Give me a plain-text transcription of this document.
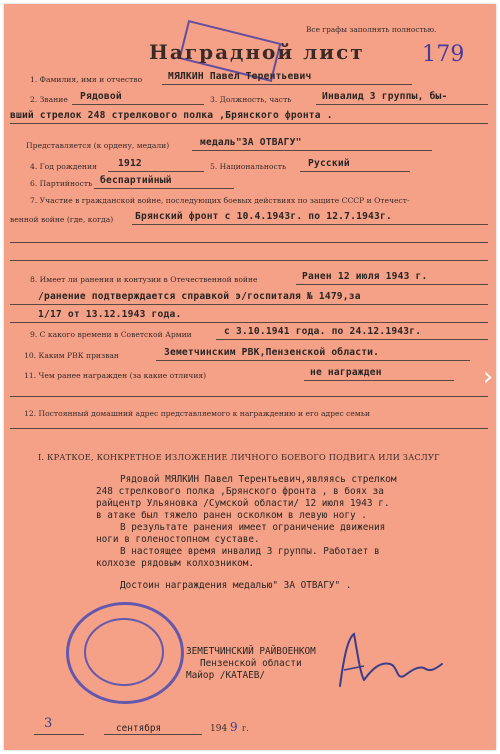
Все графы заполнять полностью.
Наградной лист	179
1. Фамилия, имя и отчество	МЯЛКИН Павел Терентьевич
2. Звание Рядовой	3. Должность, часть	Инвалид 3 группы, бы-
вший стрелок 248 стрелкового полка ,Брянского фронта .
Представляется (к ордену, медали)	медаль"ЗА ОТВАГУ"
4. Год рождения 1912	5. Национальность Русский
6. Партийность беспартийный
7. Участие в гражданской войне, последующих боевых действиях по защите СССР и Отечест-
венной войне (где, когда) Брянский фронт с 10.4.1943г. по 12.7.1943г.
8. Имеет ли ранения и контузии в Отечественной войне	Ранен 12 июля 1943 г.
/ранение подтверждается справкой э/госпиталя № 1479,за
1/17 от 13.12.1943 года.
9. С какого времени в Советской Армии	с 3.10.1941 года. по 24.12.1943г.
10. Каким РВК призван	Земетчинским РВК,Пензенской области.
11. Чем ранее награжден (за какие отличия)	не награжден
12. Постоянный домашний адрес представляемого к награждению и его адрес семьи
I. КРАТКОЕ, КОНКРЕТНОЕ ИЗЛОЖЕНИЕ ЛИЧНОГО БОЕВОГО ПОДВИГА ИЛИ ЗАСЛУГ
Рядовой МЯЛКИН Павел Терентьевич,являясь стрелком
248 стрелкового полка ,Брянского фронта , в боях за
райцентр Ульяновка /Сумской области/ 12 июля 1943 г.
в атаке был тяжело ранен осколком в левую ногу .
В результате ранения имеет ограничение движения
ноги в голеностопном суставе.
В настоящее время инвалид 3 группы. Работает в
колхозе рядовым колхозником.
Достоин награждения медалью" ЗА ОТВАГУ" .
ЗЕМЕТЧИНСКИЙ РАЙВОЕНКОМ
Пензенской области
Майор /КАТАЕВ/
3	сентября	194 9 г.
›
